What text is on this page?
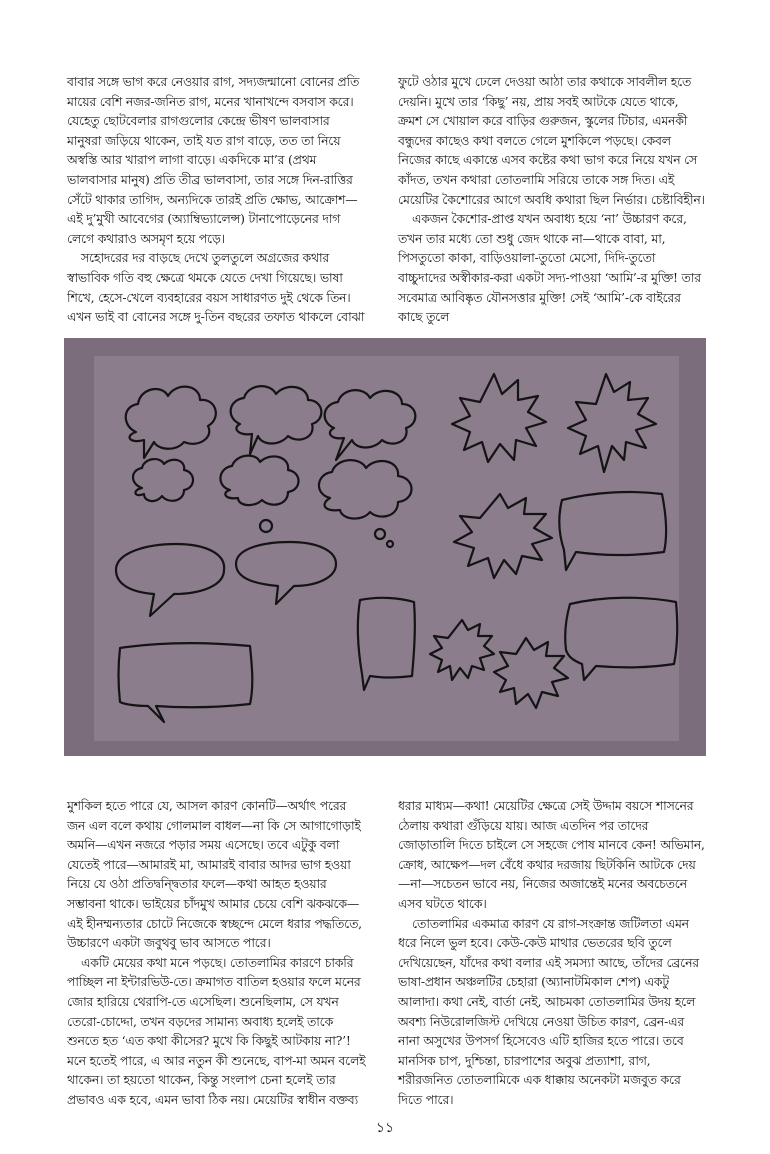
বাবার সঙ্গে ভাগ করে নেওয়ার রাগ, সদ্যজন্মানো বোনের প্রতি মায়ের বেশি নজর-জনিত রাগ, মনের খানাখন্দে বসবাস করে। যেহেতু ছোটবেলার রাগগুলোর কেন্দ্রে ভীষণ ভালবাসার মানুষরা জড়িয়ে থাকেন, তাই যত রাগ বাড়ে, তত তা নিয়ে অস্বস্তি আর খারাপ লাগা বাড়ে। একদিকে মা’র (প্রথম ভালবাসার মানুষ) প্রতি তীব্র ভালবাসা, তার সঙ্গে দিন-রাত্তির সেঁটে থাকার তাগিদ, অন্যদিকে তারই প্রতি ক্ষোভ, আক্রোশ—এই দু’মুখী আবেগের (অ্যাম্বিভ্যালেন্স) টানাপোড়েনের দাগ লেগে কথারাও অসমৃণ হয়ে পড়ে।

সহোদরের দর বাড়ছে দেখে তুলতুলে অগ্রজের কথার স্বাভাবিক গতি বহু ক্ষেত্রে থমকে যেতে দেখা গিয়েছে। ভাষা শিখে, হেসে-খেলে ব্যবহারের বয়স সাধারণত দুই থেকে তিন। এখন ভাই বা বোনের সঙ্গে দু-তিন বছরের তফাত থাকলে বোঝা

ফুটে ওঠার মুখে ঢেলে দেওয়া আঠা তার কথাকে সাবলীল হতে দেয়নি। মুখে তার ‘কিছু’ নয়, প্রায় সবই আটকে যেতে থাকে, ক্রমশ সে খোয়াল করে বাড়ির গুরুজন, স্কুলের টিচার, এমনকী বন্ধুদের কাছেও কথা বলতে গেলে মুশকিলে পড়ছে। কেবল নিজের কাছে একান্তে এসব কষ্টের কথা ভাগ করে নিয়ে যখন সে কাঁদত, তখন কথারা তোতলামি সরিয়ে তাকে সঙ্গ দিত। এই মেয়েটির কৈশোরের আগে অবধি কথারা ছিল নির্ভার। চেষ্টাবিহীন।

একজন কৈশোর-প্রাপ্ত যখন অবাধ্য হয়ে ‘না’ উচ্চারণ করে, তখন তার মধ্যে তো শুধু জেদ থাকে না—থাকে বাবা, মা, পিসতুতো কাকা, বাড়িওয়ালা-তুতো মেসো, দিদি-তুতো বাচ্চুদাদের অস্বীকার-করা একটা সদ্য-পাওয়া ‘আমি’-র মুক্তি! তার সবেমাত্র আবিষ্কৃত যৌনসত্তার মুক্তি! সেই ‘আমি’-কে বাইরের কাছে তুলে

মুশকিল হতে পারে যে, আসল কারণ কোনটি—অর্থাৎ পরের জন এল বলে কথায় গোলমাল বাধল—না কি সে আগাগোড়াই অমনি—এখন নজরে পড়ার সময় এসেছে। তবে এটুকু বলা যেতেই পারে—আমারই মা, আমারই বাবার আদর ভাগ হওয়া নিয়ে যে ওঠা প্রতিদ্বন্দ্বিতার ফলে—কথা আহত হওয়ার সম্ভাবনা থাকে। ভাইয়ের চাঁদমুখ আমার চেয়ে বেশি ঝকঝকে—এই হীনম্মন্যতার চোটে নিজেকে স্বচ্ছন্দে মেলে ধরার পদ্ধতিতে, উচ্চারণে একটা জবুথবু ভাব আসতে পারে।

একটি মেয়ের কথা মনে পড়ছে। তোতলামির কারণে চাকরি পাচ্ছিল না ইন্টারভিউ-তে। ক্রমাগত বাতিল হওয়ার ফলে মনের জোর হারিয়ে থেরাপি-তে এসেছিল। শুনেছিলাম, সে যখন তেরো-চোদ্দো, তখন বড়দের সামান্য অবাধ্য হলেই তাকে শুনতে হত ‘এত কথা কীসের? মুখে কি কিছুই আটকায় না?’! মনে হতেই পারে, এ আর নতুন কী শুনেছে, বাপ-মা অমন বলেই থাকেন। তা হয়তো থাকেন, কিন্তু সংলাপ চেনা হলেই তার প্রভাবও এক হবে, এমন ভাবা ঠিক নয়। মেয়েটির স্বাধীন বক্তব্য

ধরার মাধ্যম—কথা! মেয়েটির ক্ষেত্রে সেই উদ্দাম বয়সে শাসনের ঠেলায় কথারা গুঁড়িয়ে যায়। আজ এতদিন পর তাদের জোড়াতালি দিতে চাইলে সে সহজে পোষ মানবে কেন! অভিমান, ক্রোধ, আক্ষেপ—দল বেঁধে কথার দরজায় ছিটকিনি আটকে দেয়—না—সচেতন ভাবে নয়, নিজের অজান্তেই মনের অবচেতনে এসব ঘটতে থাকে।

তোতলামির একমাত্র কারণ যে রাগ-সংক্রান্ত জটিলতা এমন ধরে নিলে ভুল হবে। কেউ-কেউ মাথার ভেতরের ছবি তুলে দেখিয়েছেন, যাঁদের কথা বলার এই সমস্যা আছে, তাঁদের ব্রেনের ভাষা-প্রধান অঞ্চলটির চেহারা (অ্যানাটমিকাল শেপ) একটু আলাদা। কথা নেই, বার্তা নেই, আচমকা তোতলামির উদয় হলে অবশ্য নিউরোলজিস্ট দেখিয়ে নেওয়া উচিত কারণ, ব্রেন-এর নানা অসুখের উপসর্গ হিসেবেও এটি হাজির হতে পারে। তবে মানসিক চাপ, দুশ্চিন্তা, চারপাশের অবুঝ প্রত্যাশা, রাগ, শরীরজনিত তোতলামিকে এক ধাক্কায় অনেকটা মজবুত করে দিতে পারে।

১১
